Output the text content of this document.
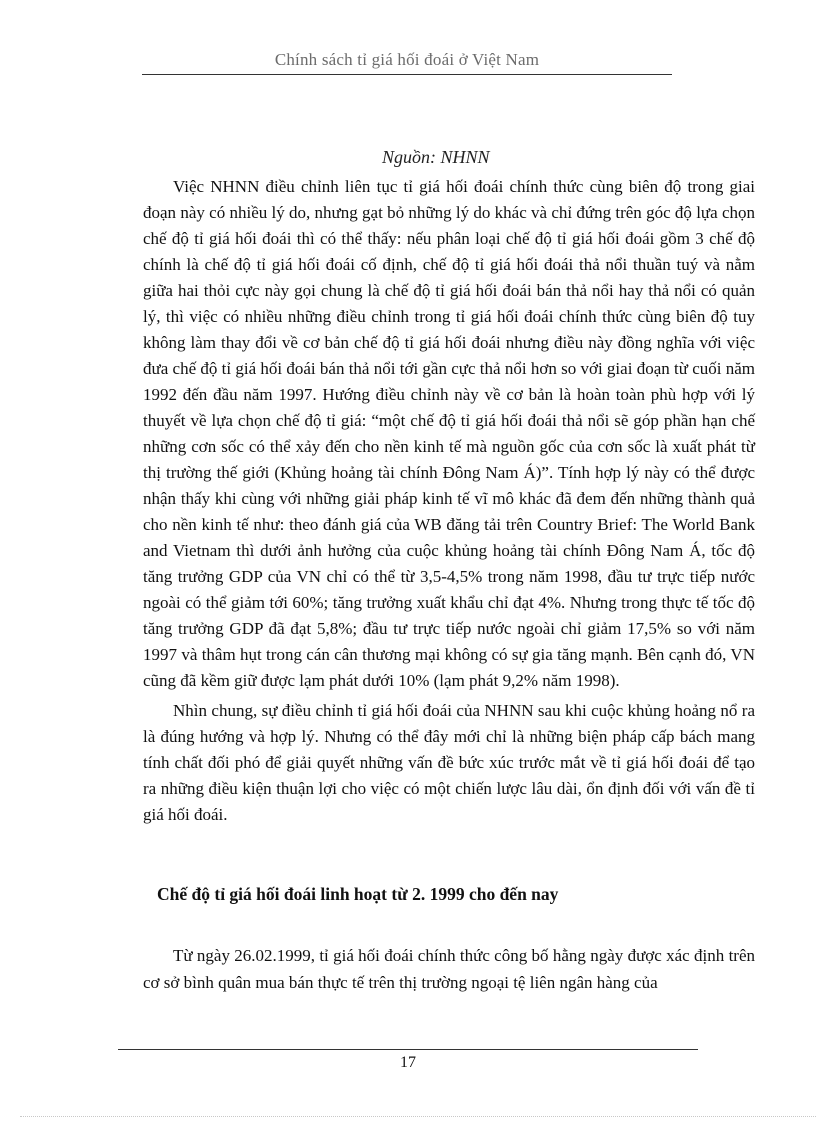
Chính sách tỉ giá hối đoái ở Việt Nam
Nguồn: NHNN

Việc NHNN điều chỉnh liên tục tỉ giá hối đoái chính thức cùng biên độ trong giai đoạn này có nhiều lý do, nhưng gạt bỏ những lý do khác và chỉ đứng trên góc độ lựa chọn chế độ tỉ giá hối đoái thì có thể thấy: nếu phân loại chế độ tỉ giá hối đoái gồm 3 chế độ chính là chế độ tỉ giá hối đoái cố định, chế độ tỉ giá hối đoái thả nổi thuần tuý và nằm giữa hai thỏi cực này gọi chung là chế độ tỉ giá hối đoái bán thả nổi hay thả nổi có quản lý, thì việc có nhiều những điều chỉnh trong tỉ giá hối đoái chính thức cùng biên độ tuy không làm thay đổi về cơ bản chế độ tỉ giá hối đoái nhưng điều này đồng nghĩa với việc đưa chế độ tỉ giá hối đoái bán thả nổi tới gần cực thả nổi hơn so với giai đoạn từ cuối năm 1992 đến đầu năm 1997. Hướng điều chỉnh này về cơ bản là hoàn toàn phù hợp với lý thuyết về lựa chọn chế độ tỉ giá: “một chế độ tỉ giá hối đoái thả nổi sẽ góp phần hạn chế những cơn sốc có thể xảy đến cho nền kinh tế mà nguồn gốc của cơn sốc là xuất phát từ thị trường thế giới (Khủng hoảng tài chính Đông Nam Á)”. Tính hợp lý này có thể được nhận thấy khi cùng với những giải pháp kinh tế vĩ mô khác đã đem đến những thành quả cho nền kinh tế như: theo đánh giá của WB đăng tải trên Country Brief: The World Bank and Vietnam thì dưới ảnh hưởng của cuộc khủng hoảng tài chính Đông Nam Á, tốc độ tăng trưởng GDP của VN chỉ có thể từ 3,5-4,5% trong năm 1998, đầu tư trực tiếp nước ngoài có thể giảm tới 60%; tăng trưởng xuất khẩu chỉ đạt 4%. Nhưng trong thực tế tốc độ tăng trưởng GDP đã đạt 5,8%; đầu tư trực tiếp nước ngoài chỉ giảm 17,5% so với năm 1997 và thâm hụt trong cán cân thương mại không có sự gia tăng mạnh. Bên cạnh đó, VN cũng đã kềm giữ được lạm phát dưới 10% (lạm phát 9,2% năm 1998).

Nhìn chung, sự điều chỉnh tỉ giá hối đoái của NHNN sau khi cuộc khủng hoảng nổ ra là đúng hướng và hợp lý. Nhưng có thể đây mới chỉ là những biện pháp cấp bách mang tính chất đối phó để giải quyết những vấn đề bức xúc trước mắt về tỉ giá hối đoái để tạo ra những điều kiện thuận lợi cho việc có một chiến lược lâu dài, ổn định đối với vấn đề tỉ giá hối đoái.

Chế độ tỉ giá hối đoái linh hoạt từ 2. 1999 cho đến nay

Từ ngày 26.02.1999, tỉ giá hối đoái chính thức công bố hằng ngày được xác định trên cơ sở bình quân mua bán thực tế trên thị trường ngoại tệ liên ngân hàng của

17
